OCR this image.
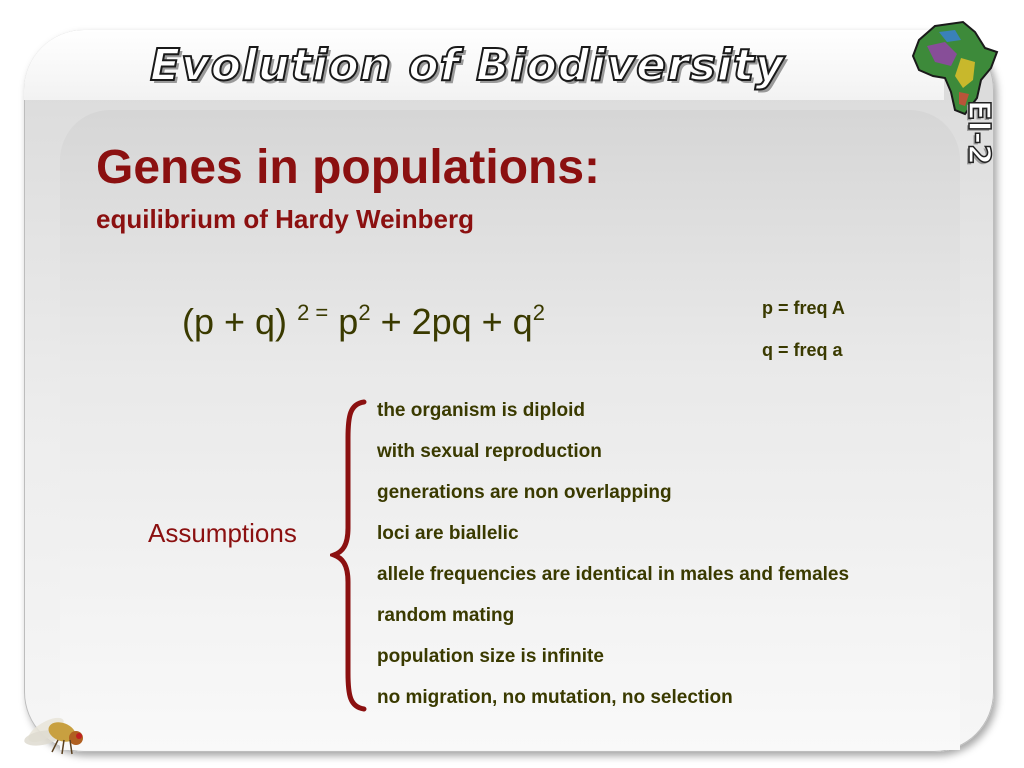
Evolution of Biodiversity
EI-2
Genes in populations:
equilibrium of Hardy Weinberg
(p + q) $^{2 =}$ $p^2 + 2pq + q^2$	p = freq A
q = freq a
Assumptions
the organism is diploid
with sexual reproduction
generations are non overlapping
loci are biallelic
allele frequencies are identical in males and females
random mating
population size is infinite
no migration, no mutation, no selection
